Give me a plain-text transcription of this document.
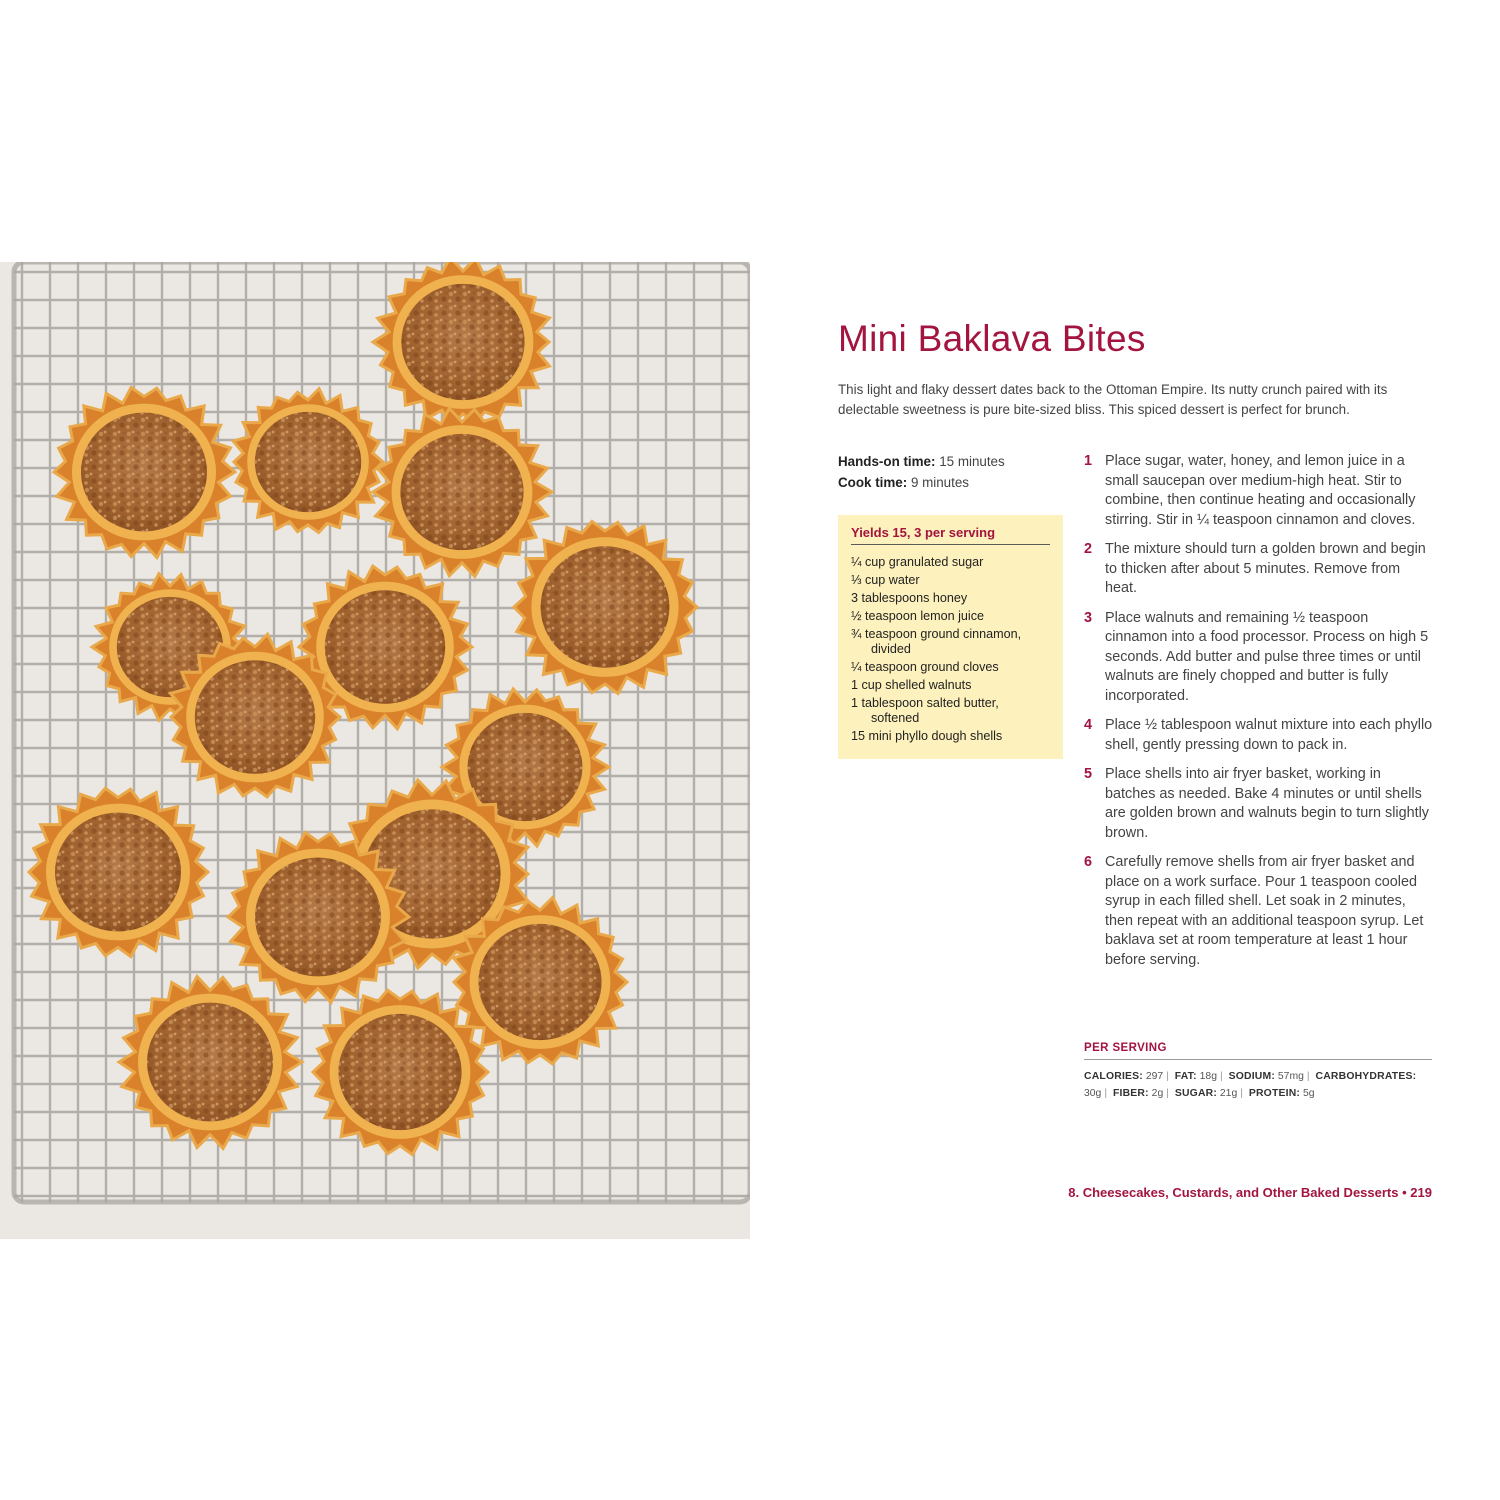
Mini Baklava Bites

This light and flaky dessert dates back to the Ottoman Empire. Its nutty crunch paired with its delectable sweetness is pure bite-sized bliss. This spiced dessert is perfect for brunch.

Hands-on time: 15 minutes
Cook time: 9 minutes
Yields 15, 3 per serving
¼ cup granulated sugar
⅓ cup water
3 tablespoons honey
½ teaspoon lemon juice
¾ teaspoon ground cinnamon, divided
¼ teaspoon ground cloves
1 cup shelled walnuts
1 tablespoon salted butter, softened
15 mini phyllo dough shells
1 Place sugar, water, honey, and lemon juice in a small saucepan over medium-high heat. Stir to combine, then continue heating and occasionally stirring. Stir in ¼ teaspoon cinnamon and cloves.
2 The mixture should turn a golden brown and begin to thicken after about 5 minutes. Remove from heat.
3 Place walnuts and remaining ½ teaspoon cinnamon into a food processor. Process on high 5 seconds. Add butter and pulse three times or until walnuts are finely chopped and butter is fully incorporated.
4 Place ½ tablespoon walnut mixture into each phyllo shell, gently pressing down to pack in.
5 Place shells into air fryer basket, working in batches as needed. Bake 4 minutes or until shells are golden brown and walnuts begin to turn slightly brown.
6 Carefully remove shells from air fryer basket and place on a work surface. Pour 1 teaspoon cooled syrup in each filled shell. Let soak in 2 minutes, then repeat with an additional teaspoon syrup. Let baklava set at room temperature at least 1 hour before serving.
PER SERVING
CALORIES: 297 | FAT: 18g | SODIUM: 57mg | CARBOHYDRATES: 30g | FIBER: 2g | SUGAR: 21g | PROTEIN: 5g
8. Cheesecakes, Custards, and Other Baked Desserts • 219
